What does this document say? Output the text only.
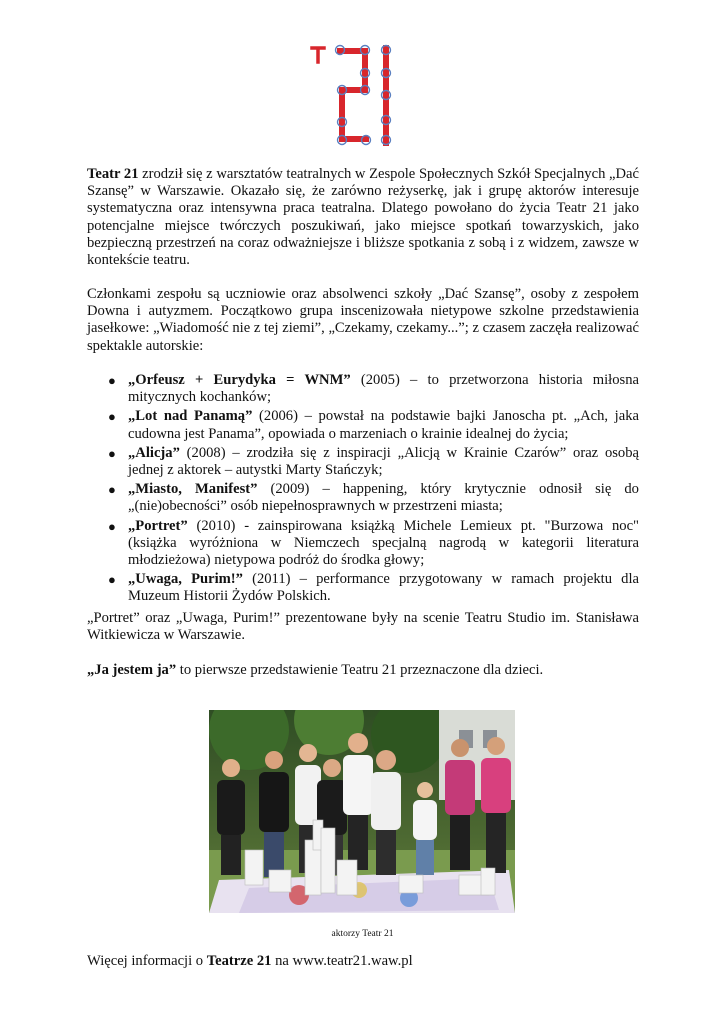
Teatr 21 zrodził się z warsztatów teatralnych w Zespole Społecznych Szkół Specjalnych „Dać Szansę” w Warszawie. Okazało się, że zarówno reżyserkę, jak i grupę aktorów interesuje systematyczna oraz intensywna praca teatralna. Dlatego powołano do życia Teatr 21 jako potencjalne miejsce twórczych poszukiwań, jako miejsce spotkań towarzyskich, jako bezpieczną przestrzeń na coraz odważniejsze i bliższe spotkania z sobą i z widzem, zawsze w kontekście teatru.

Członkami zespołu są uczniowie oraz absolwenci szkoły „Dać Szansę”, osoby z zespołem Downa i autyzmem. Początkowo grupa inscenizowała nietypowe szkolne przedstawienia jasełkowe: „Wiadomość nie z tej ziemi”, „Czekamy, czekamy...”; z czasem zaczęła realizować spektakle autorskie:

● „Orfeusz + Eurydyka = WNM” (2005) – to przetworzona historia miłosna mitycznych kochanków;
● „Lot nad Panamą” (2006) – powstał na podstawie bajki Janoscha pt. „Ach, jaka cudowna jest Panama”, opowiada o marzeniach o krainie idealnej do życia;
● „Alicja” (2008) – zrodziła się z inspiracji „Alicją w Krainie Czarów” oraz osobą jednej z aktorek – autystki Marty Stańczyk;
● „Miasto, Manifest” (2009) – happening, który krytycznie odnosił się do „(nie)obecności” osób niepełnosprawnych w przestrzeni miasta;
● „Portret” (2010) - zainspirowana książką Michele Lemieux pt. "Burzowa noc" (książka wyróżniona w Niemczech specjalną nagrodą w kategorii literatura młodzieżowa) nietypowa podróż do środka głowy;
● „Uwaga, Purim!” (2011) – performance przygotowany w ramach projektu dla Muzeum Historii Żydów Polskich.

„Portret” oraz „Uwaga, Purim!” prezentowane były na scenie Teatru Studio im. Stanisława Witkiewicza w Warszawie.

„Ja jestem ja” to pierwsze przedstawienie Teatru 21 przeznaczone dla dzieci.

aktorzy Teatr 21
Więcej informacji o Teatrze 21 na www.teatr21.waw.pl
